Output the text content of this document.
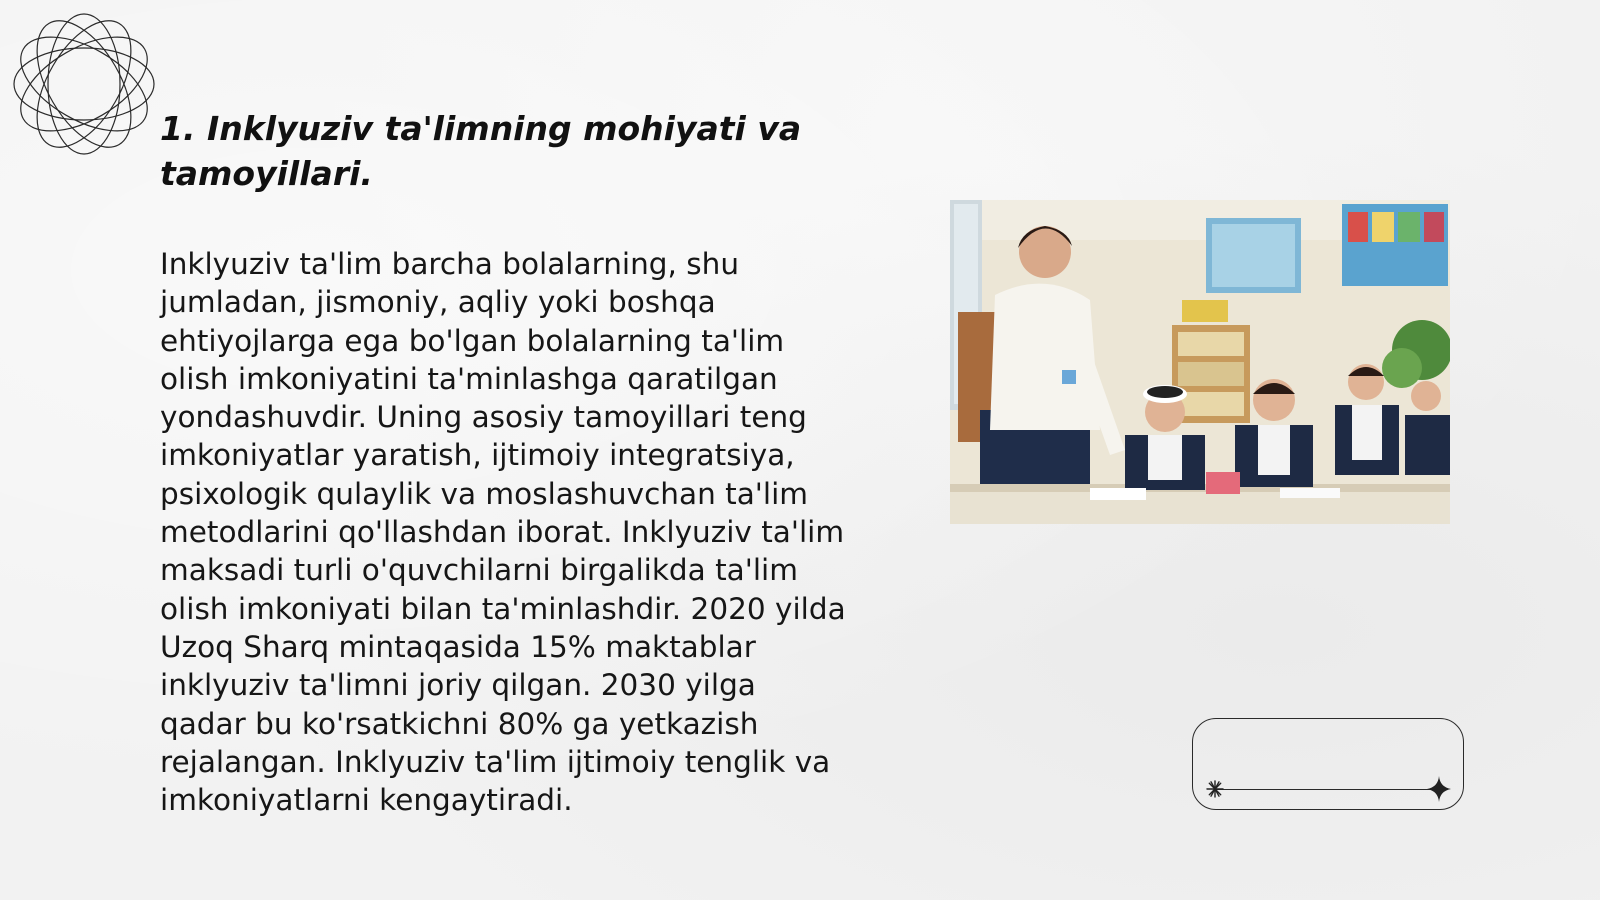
1. Inklyuziv ta'limning mohiyati va tamoyillari.

Inklyuziv ta'lim barcha bolalarning, shu jumladan, jismoniy, aqliy yoki boshqa ehtiyojlarga ega bo'lgan bolalarning ta'lim olish imkoniyatini ta'minlashga qaratilgan yondashuvdir. Uning asosiy tamoyillari teng imkoniyatlar yaratish, ijtimoiy integratsiya, psixologik qulaylik va moslashuvchan ta'lim metodlarini qo'llashdan iborat. Inklyuziv ta'lim maksadi turli o'quvchilarni birgalikda ta'lim olish imkoniyati bilan ta'minlashdir. 2020 yilda Uzoq Sharq mintaqasida 15% maktablar inklyuziv ta'limni joriy qilgan. 2030 yilga qadar bu ko'rsatkichni 80% ga yetkazish rejalangan. Inklyuziv ta'lim ijtimoiy tenglik va imkoniyatlarni kengaytiradi.
